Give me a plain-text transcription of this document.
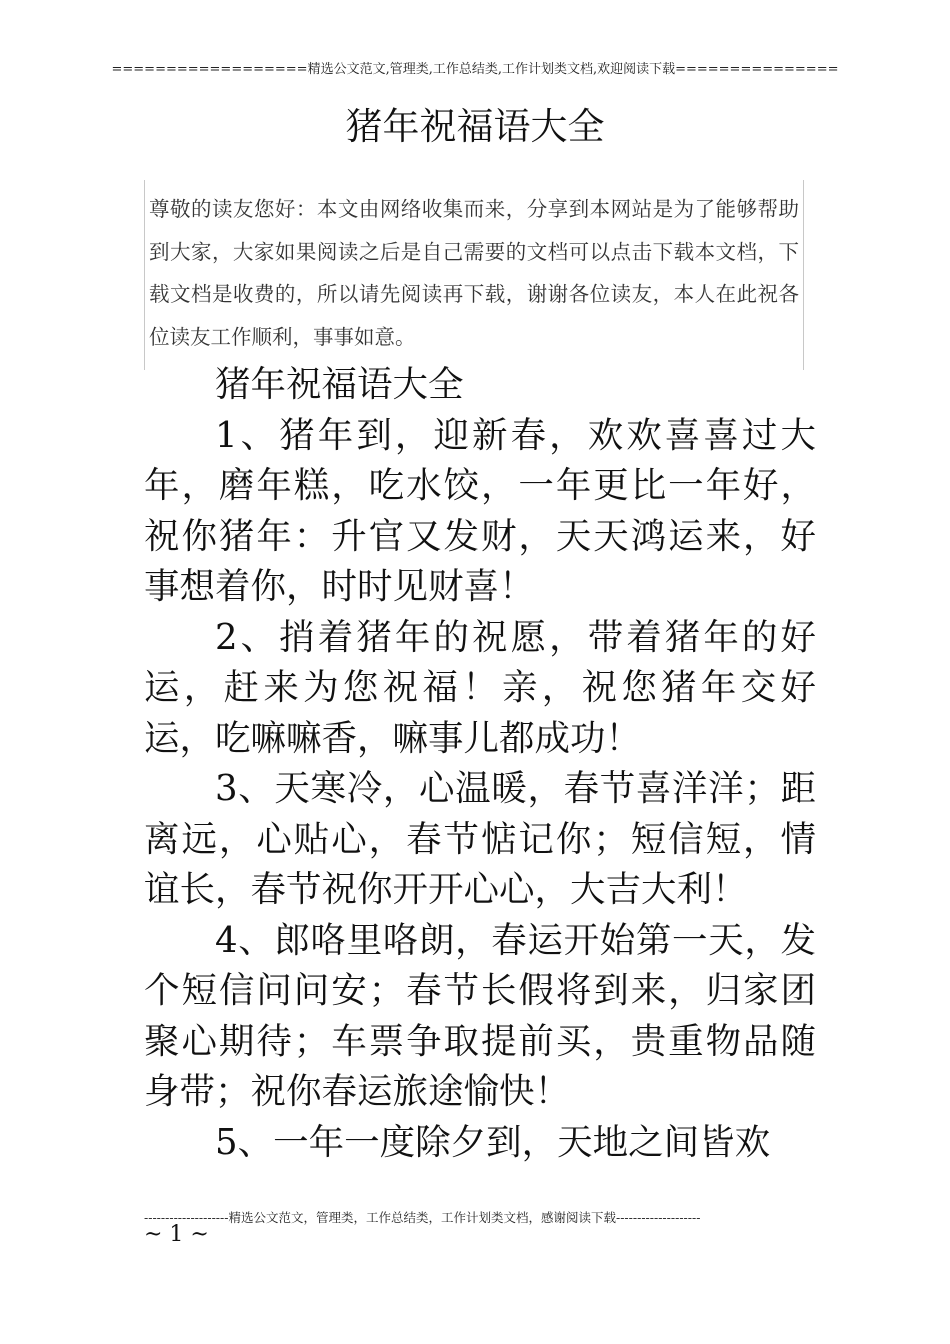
==================精选公文范文,管理类,工作总结类,工作计划类文档,欢迎阅读下载===============
猪年祝福语大全

尊敬的读友您好：本文由网络收集而来，分享到本网站是为了能够帮助到大家，大家如果阅读之后是自己需要的文档可以点击下载本文档，下载文档是收费的，所以请先阅读再下载，谢谢各位读友，本人在此祝各位读友工作顺利，事事如意。

猪年祝福语大全

1、猪年到，迎新春，欢欢喜喜过大年，磨年糕，吃水饺，一年更比一年好，祝你猪年：升官又发财，天天鸿运来，好事想着你，时时见财喜！

2、捎着猪年的祝愿，带着猪年的好运，赶来为您祝福！亲，祝您猪年交好运，吃嘛嘛香，嘛事儿都成功！

3、天寒冷，心温暖，春节喜洋洋；距离远，心贴心，春节惦记你；短信短，情谊长，春节祝你开开心心，大吉大利！

4、郎咯里咯朗，春运开始第一天，发个短信问问安；春节长假将到来，归家团聚心期待；车票争取提前买，贵重物品随身带；祝你春运旅途愉快！

5、一年一度除夕到，天地之间皆欢

--------------------精选公文范文，管理类，工作总结类，工作计划类文档，感谢阅读下载--------------------
~ 1 ~
